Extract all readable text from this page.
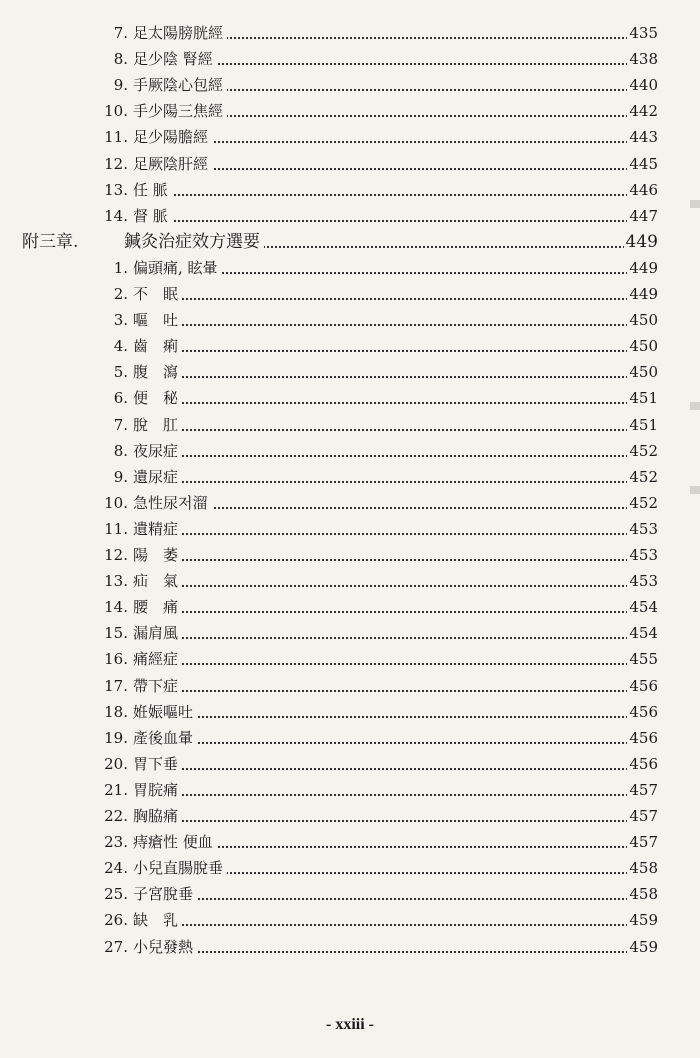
7. 足太陽膀胱經	435
8. 足少陰 腎經	438
9. 手厥陰心包經	440
10. 手少陽三焦經	442
11. 足少陽膽經	443
12. 足厥陰肝經	445
13. 任 脈	446
14. 督 脈	447
附三章.	鍼灸治症效方選要	449
1. 偏頭痛, 眩暈	449
2. 不　眠	449
3. 嘔　吐	450
4. 齒　痢	450
5. 腹　瀉	450
6. 便　秘	451
7. 脫　肛	451
8. 夜尿症	452
9. 遺尿症	452
10. 急性尿저溜	452
11. 遺精症	453
12. 陽　萎	453
13. 疝　氣	453
14. 腰　痛	454
15. 漏肩風	454
16. 痛經症	455
17. 帶下症	456
18. 姙娠嘔吐	456
19. 產後血暈	456
20. 胃下垂	456
21. 胃脘痛	457
22. 胸脇痛	457
23. 痔瘡性 便血	457
24. 小兒直腸脫垂	458
25. 子宮脫垂	458
26. 缺　乳	459
27. 小兒發熱	459
- xxiii -
